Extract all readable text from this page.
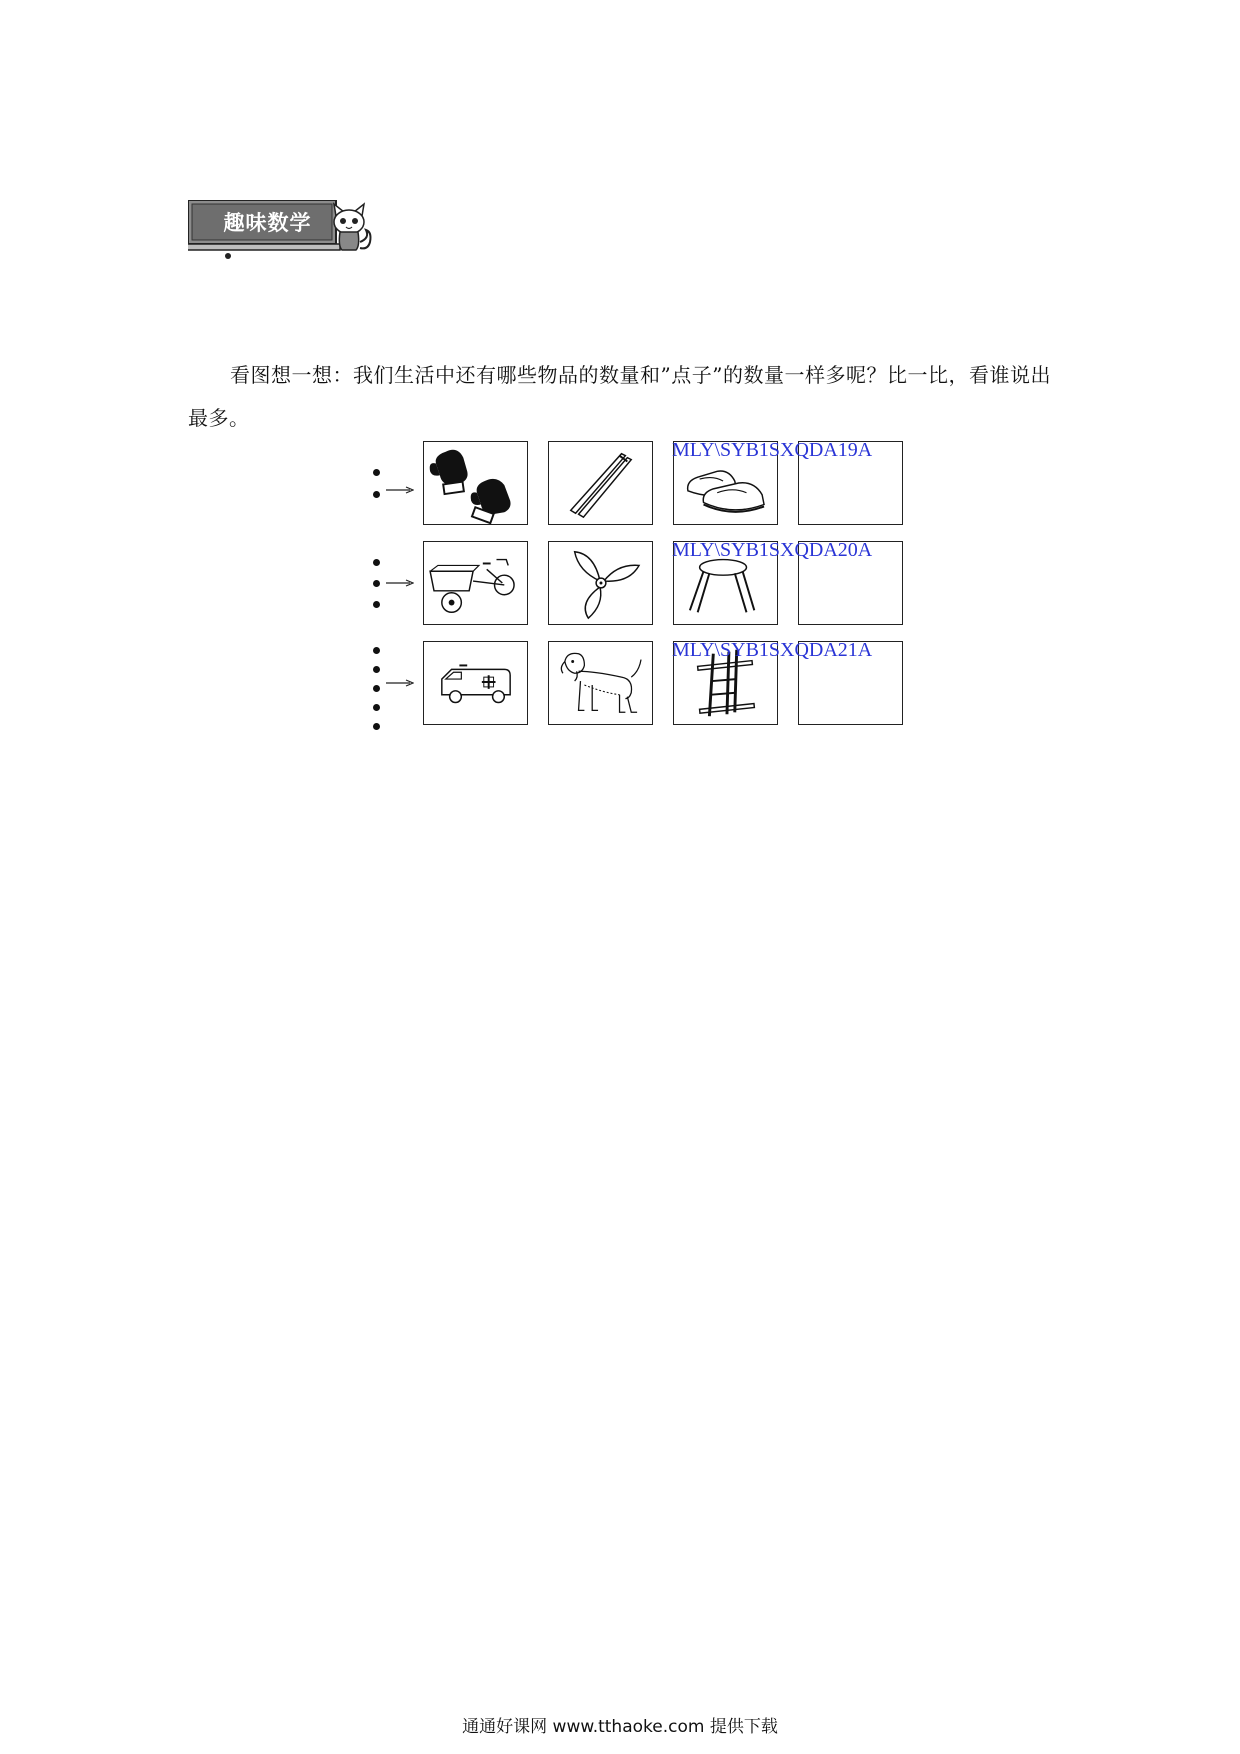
趣味数学
看图想一想：我们生活中还有哪些物品的数量和”点子”的数量一样多呢？比一比，看谁说出最多。
MLY\SYB1SXQDA19A
MLY\SYB1SXQDA20A
MLY\SYB1SXQDA21A
通通好课网 www.tthaoke.com 提供下载
